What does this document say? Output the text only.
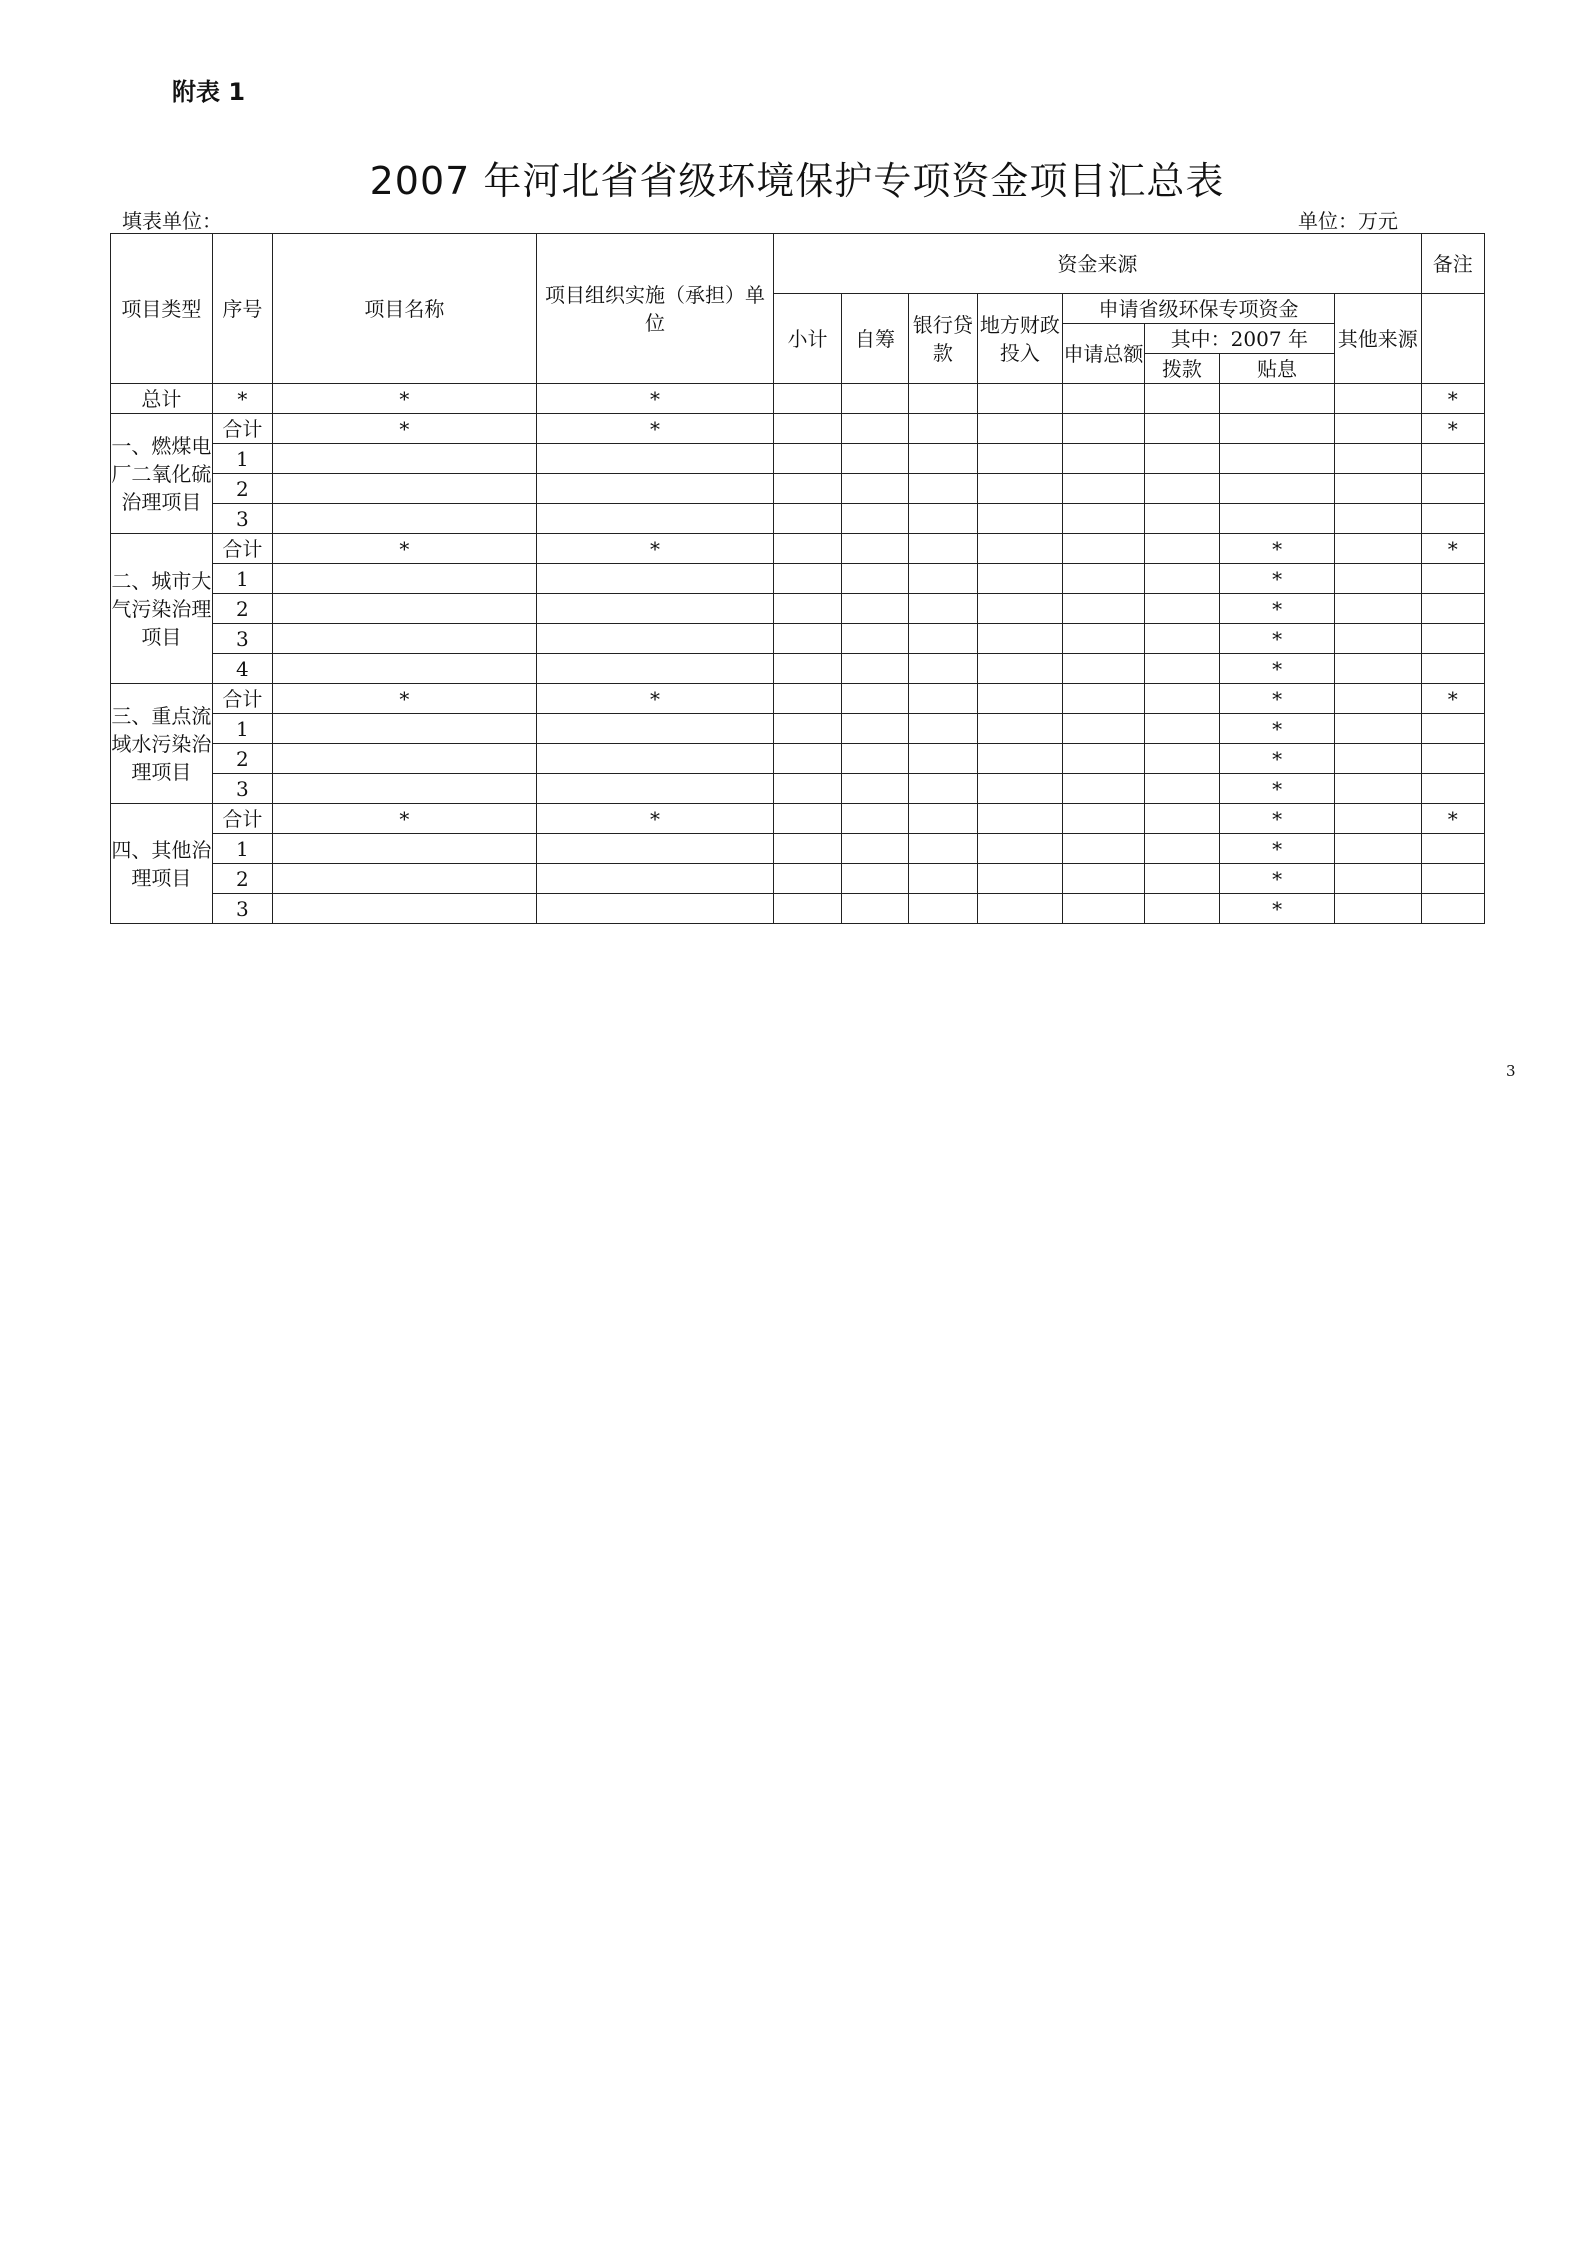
附表 1
2007 年河北省省级环境保护专项资金项目汇总表
填表单位：	单位：万元
项目类型	序号	项目名称	项目组织实施（承担）单位	资金来源								备注
				小计	自筹	银行贷款	地方财政投入	申请省级环保专项资金			其他来源	
								申请总额	其中：2007 年			
									拨款	贴息		
总计	*	*	*									*
一、燃煤电厂二氧化硫治理项目	合计	*	*									*

	1											
	2											
	3											
二、城市大气污染治理项目	合计	*	*							*		*

	1									*		
	2									*		
	3									*		
	4									*		
三、重点流域水污染治理项目	合计	*	*							*		*

	1									*		
	2									*		
	3									*		
四、其他治理项目	合计	*	*							*		*

	1									*		
	2									*		
	3									*		
3
